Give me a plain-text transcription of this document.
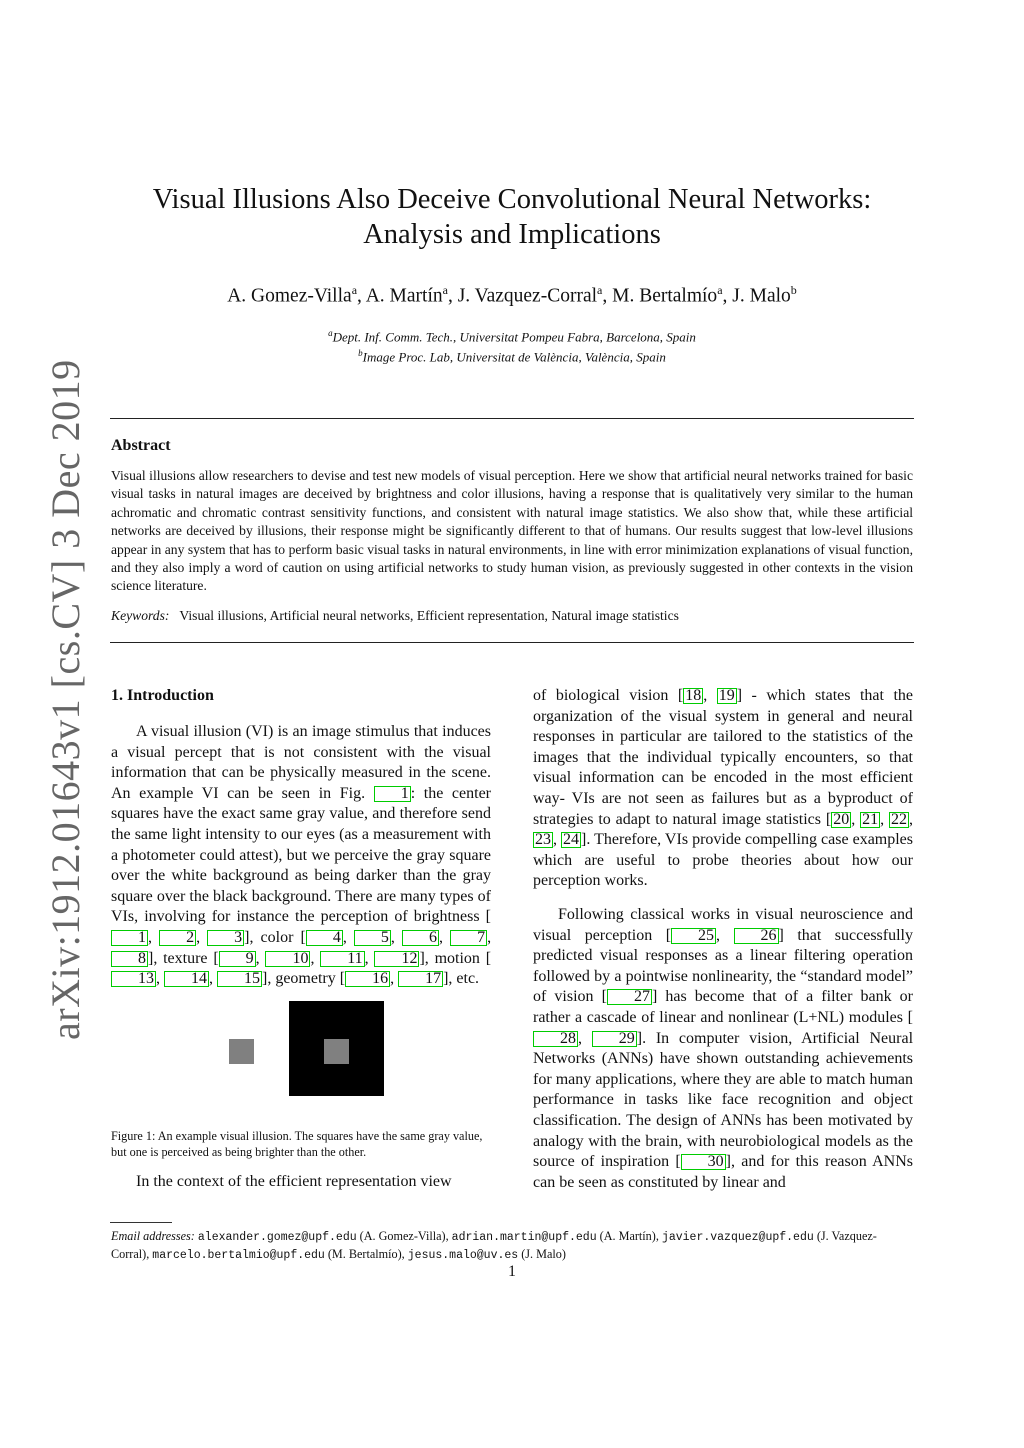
arXiv:1912.01643v1 [cs.CV] 3 Dec 2019
Visual Illusions Also Deceive Convolutional Neural Networks:
Analysis and Implications
A. Gomez-Villa$^a$, A. Martín$^a$, J. Vazquez-Corral$^a$, M. Bertalmío$^a$, J. Malo$^b$
$^a$Dept. Inf. Comm. Tech., Universitat Pompeu Fabra, Barcelona, Spain
$^b$Image Proc. Lab, Universitat de València, València, Spain
Abstract
Visual illusions allow researchers to devise and test new models of visual perception. Here we show that artificial neural networks trained for basic visual tasks in natural images are deceived by brightness and color illusions, having a response that is qualitatively very similar to the human achromatic and chromatic contrast sensitivity functions, and consistent with natural image statistics. We also show that, while these artificial networks are deceived by illusions, their response might be significantly different to that of humans. Our results suggest that low-level illusions appear in any system that has to perform basic visual tasks in natural environments, in line with error minimization explanations of visual function, and they also imply a word of caution on using artificial networks to study human vision, as previously suggested in other contexts in the vision science literature.
Keywords: Visual illusions, Artificial neural networks, Efficient representation, Natural image statistics
1. Introduction
A visual illusion (VI) is an image stimulus that induces a visual percept that is not consistent with the visual information that can be physically measured in the scene. An example VI can be seen in Fig. 1 : the center squares have the exact same gray value, and therefore send the same light intensity to our eyes (as a measurement with a photometer could attest), but we perceive the gray square over the white background as being darker than the gray square over the black background. There are many types of VIs, involving for instance the perception of brightness [1 , 2 , 3 ], color [ 4 , 5 , 6 , 7 , 8 ], texture [ 9 , 10 , 11 , 12 ], motion [13 , 14 , 15 ], geometry [ 16 , 17 ], etc.
Figure 1: An example visual illusion. The squares have the same gray value, but one is perceived as being brighter than the other.
In the context of the efficient representation view
of biological vision [ 18 , 19 ] - which states that the organization of the visual system in general and neural responses in particular are tailored to the statistics of the images that the individual typically encounters, so that visual information can be encoded in the most efficient way- VIs are not seen as failures but as a byproduct of strategies to adapt to natural image statistics [ 20 , 21 , 22 , 23 , 24 ]. Therefore, VIs provide compelling case examples which are useful to probe theories about how our perception works.
Following classical works in visual neuroscience and visual perception [ 25 , 26 ] that successfully predicted visual responses as a linear filtering operation followed by a pointwise nonlinearity, the “standard model” of vision [ 27 ] has become that of a filter bank or rather a cascade of linear and nonlinear (L+NL) modules [28 , 29 ]. In computer vision, Artificial Neural Networks (ANNs) have shown outstanding achievements for many applications, where they are able to match human performance in tasks like face recognition and object classification. The design of ANNs has been motivated by analogy with the brain, with neurobiological models as the source of inspiration [ 30 ], and for this reason ANNs can be seen as constituted by linear and
Email addresses: alexander.gomez@upf.edu (A. Gomez-Villa), adrian.martin@upf.edu (A. Martín), javier.vazquez@upf.edu (J. Vazquez-Corral), marcelo.bertalmio@upf.edu (M. Bertalmío), jesus.malo@uv.es (J. Malo)
1
